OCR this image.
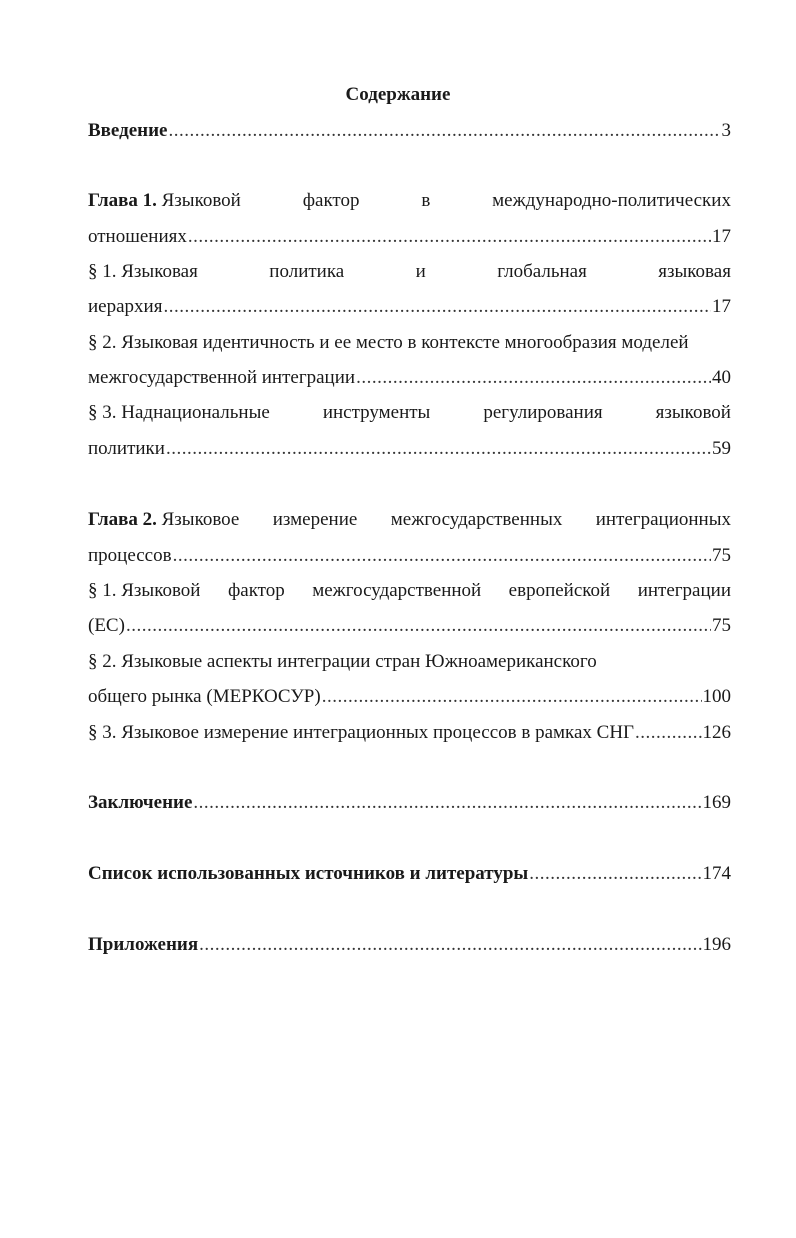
Содержание
Введение .....	3
Глава 1. Языковой	фактор	в	международно-политических
отношениях .....	17
§ 1. Языковая	политика	и	глобальная	языковая
иерархия .....	17
§ 2. Языковая идентичность и ее место в контексте многообразия моделей
межгосударственной интеграции .....	40
§ 3. Наднациональные	инструменты	регулирования	языковой
политики .....	59
Глава 2. Языковое измерение межгосударственных интеграционных
процессов .....	75
§ 1. Языковой фактор межгосударственной европейской интеграции
(ЕС) .....	75
§ 2. Языковые аспекты интеграции стран Южноамериканского
общего рынка (МЕРКОСУР) .....	100
§ 3. Языковое измерение интеграционных процессов в рамках СНГ .....	126
Заключение .....	169
Список использованных источников и литературы .....	174
Приложения .....	196
